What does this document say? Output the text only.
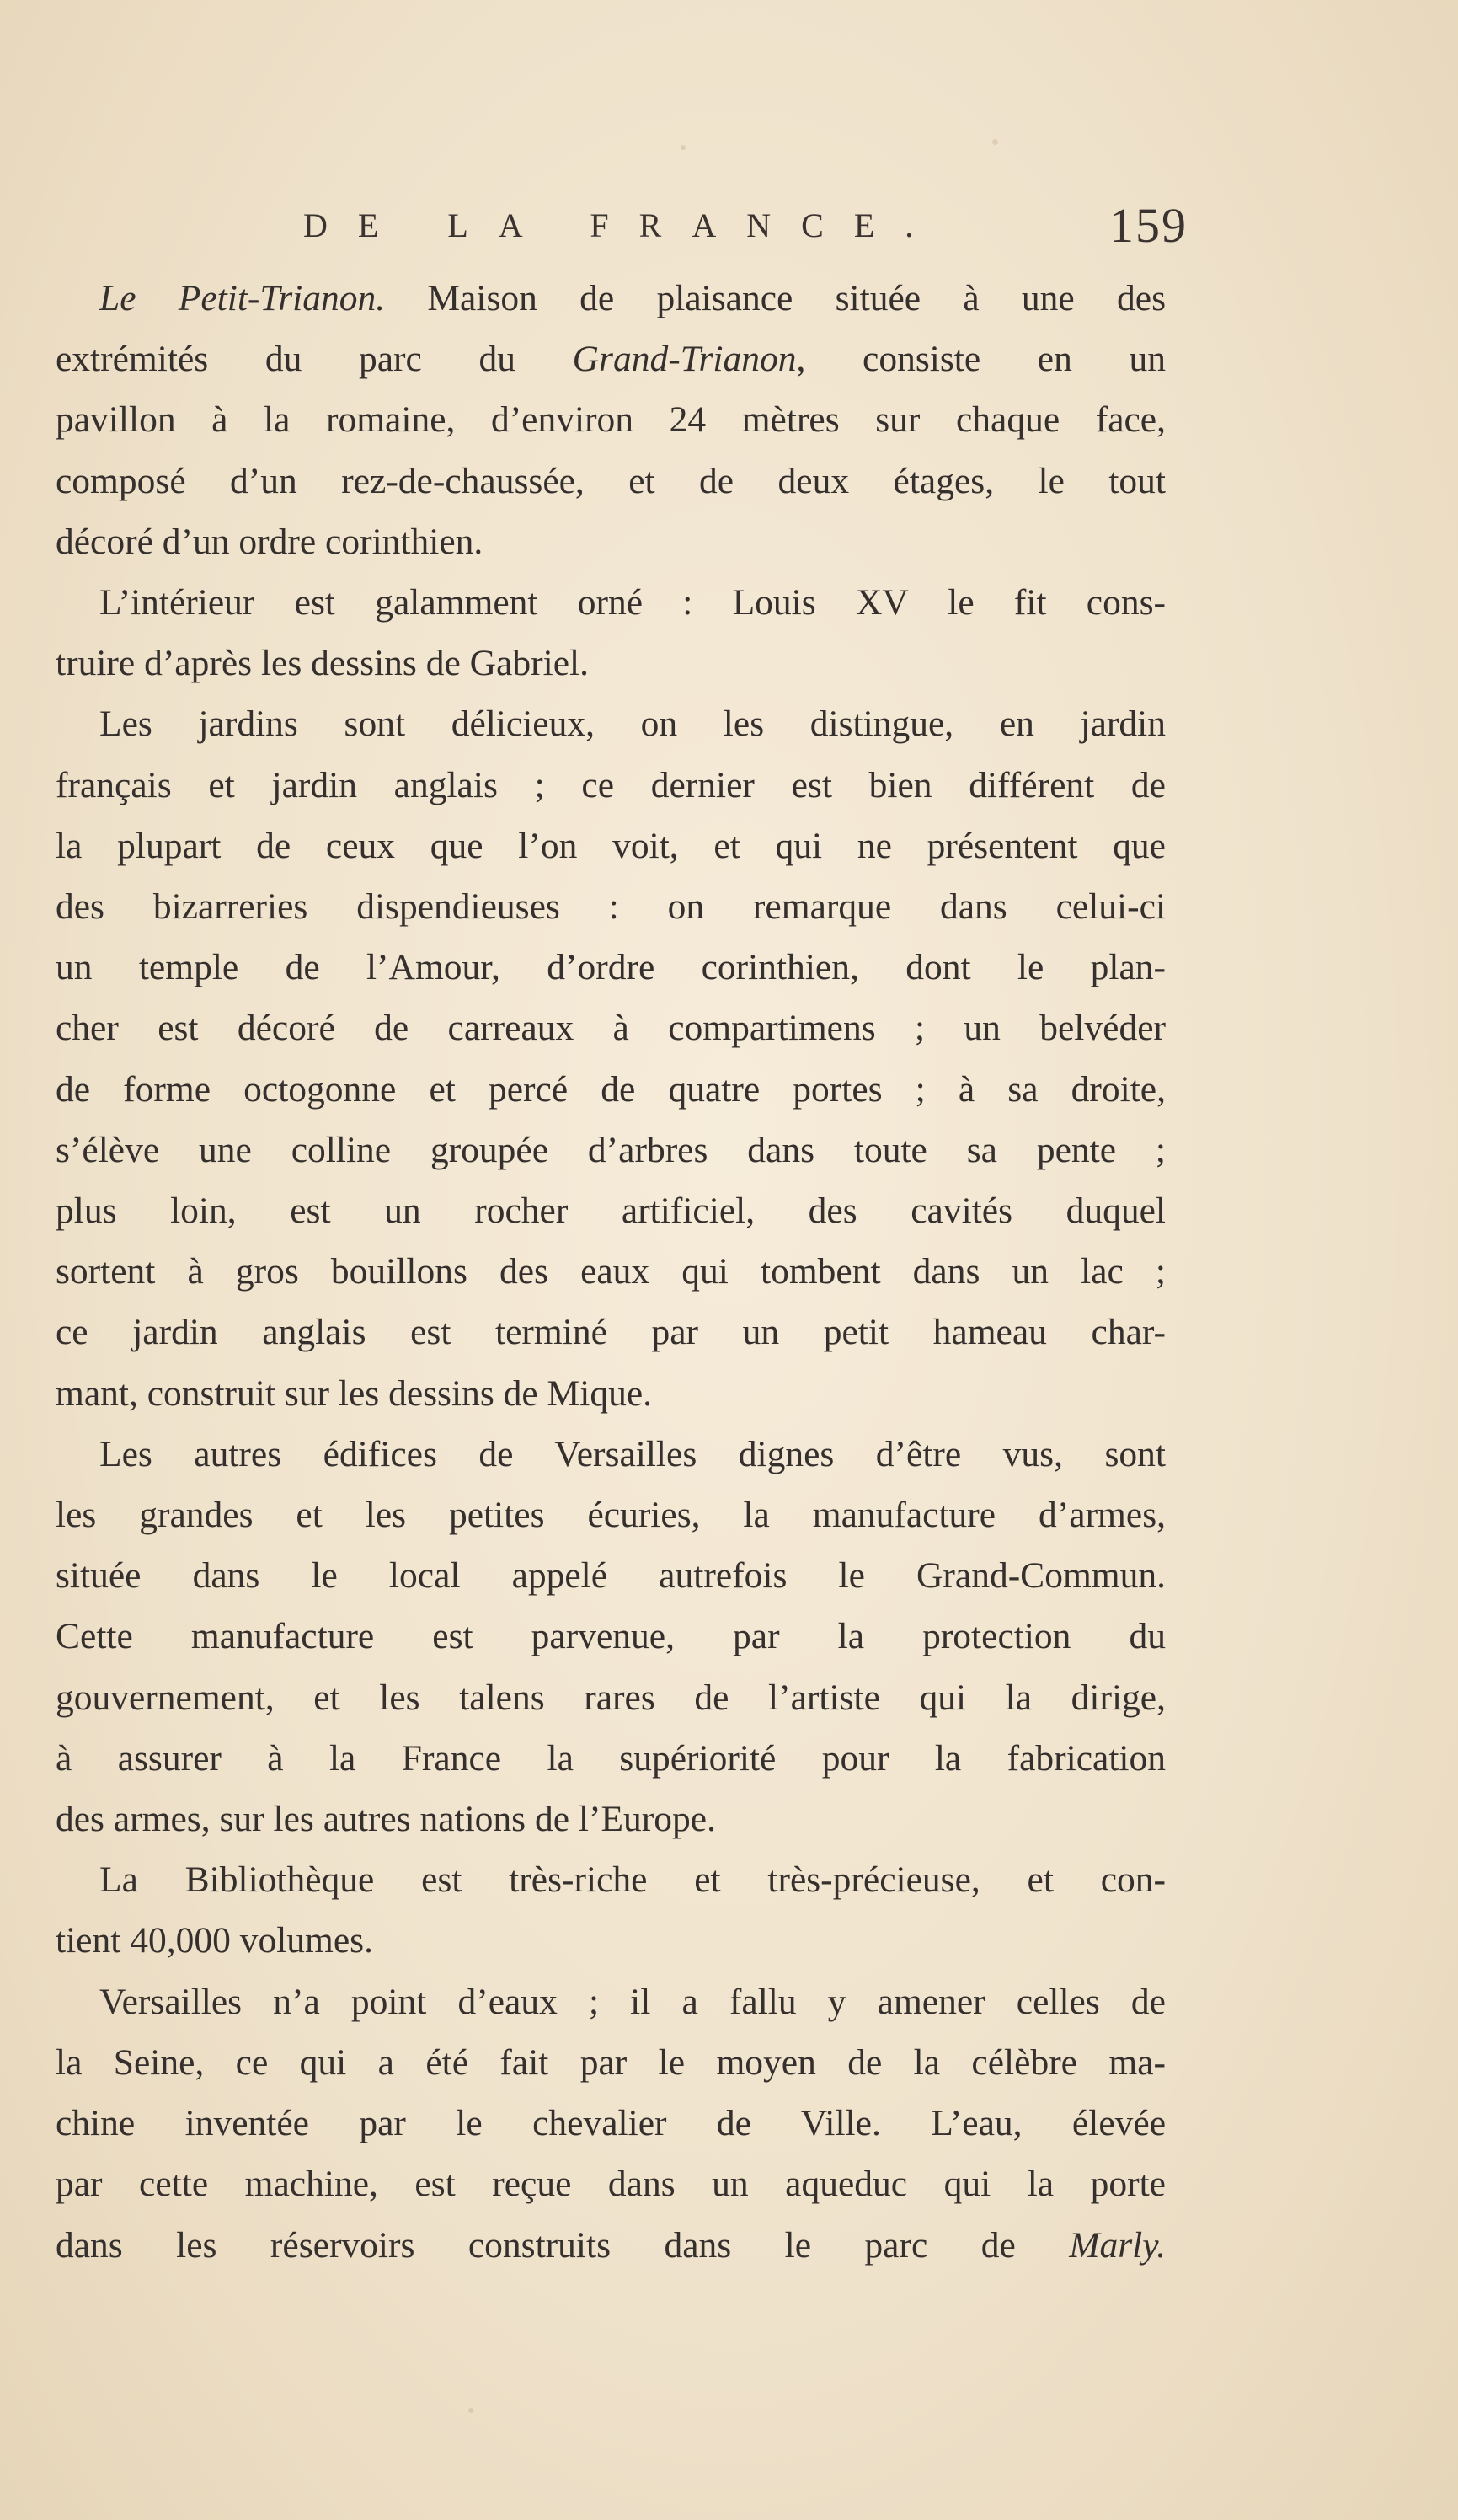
DE LA FRANCE.	159
Le Petit-Trianon. Maison de plaisance située à une des
extrémités du parc du Grand-Trianon, consiste en un
pavillon à la romaine, d’environ 24 mètres sur chaque face,
composé d’un rez-de-chaussée, et de deux étages, le tout
décoré d’un ordre corinthien.
L’intérieur est galamment orné : Louis XV le fit cons-
truire d’après les dessins de Gabriel.
Les jardins sont délicieux, on les distingue, en jardin
français et jardin anglais ; ce dernier est bien différent de
la plupart de ceux que l’on voit, et qui ne présentent que
des bizarreries dispendieuses : on remarque dans celui-ci
un temple de l’Amour, d’ordre corinthien, dont le plan-
cher est décoré de carreaux à compartimens ; un belvéder
de forme octogonne et percé de quatre portes ; à sa droite,
s’élève une colline groupée d’arbres dans toute sa pente ;
plus loin, est un rocher artificiel, des cavités duquel
sortent à gros bouillons des eaux qui tombent dans un lac ;
ce jardin anglais est terminé par un petit hameau char-
mant, construit sur les dessins de Mique.
Les autres édifices de Versailles dignes d’être vus, sont
les grandes et les petites écuries, la manufacture d’armes,
située dans le local appelé autrefois le Grand-Commun.
Cette manufacture est parvenue, par la protection du
gouvernement, et les talens rares de l’artiste qui la dirige,
à assurer à la France la supériorité pour la fabrication
des armes, sur les autres nations de l’Europe.
La Bibliothèque est très-riche et très-précieuse, et con-
tient 40,000 volumes.
Versailles n’a point d’eaux ; il a fallu y amener celles de
la Seine, ce qui a été fait par le moyen de la célèbre ma-
chine inventée par le chevalier de Ville. L’eau, élevée
par cette machine, est reçue dans un aqueduc qui la porte
dans les réservoirs construits dans le parc de Marly.
